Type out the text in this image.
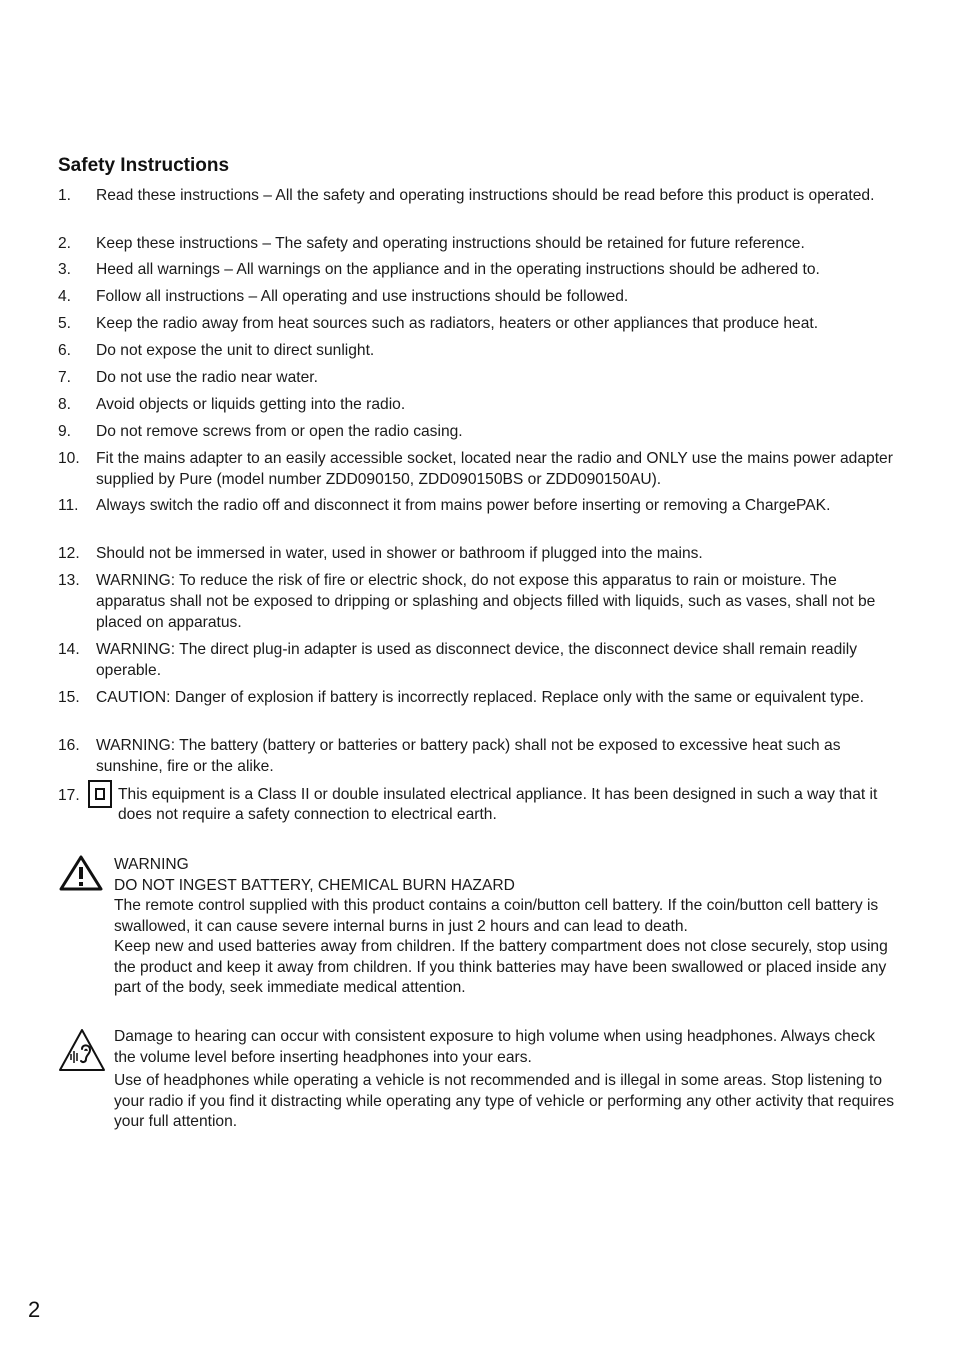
Safety Instructions
1. Read these instructions – All the safety and operating instructions should be read before this product is operated.
2. Keep these instructions – The safety and operating instructions should be retained for future reference.
3. Heed all warnings – All warnings on the appliance and in the operating instructions should be adhered to.
4. Follow all instructions – All operating and use instructions should be followed.
5. Keep the radio away from heat sources such as radiators, heaters or other appliances that produce heat.
6. Do not expose the unit to direct sunlight.
7. Do not use the radio near water.
8. Avoid objects or liquids getting into the radio.
9. Do not remove screws from or open the radio casing.
10. Fit the mains adapter to an easily accessible socket, located near the radio and ONLY use the mains power adapter supplied by Pure (model number ZDD090150, ZDD090150BS or ZDD090150AU).
11. Always switch the radio off and disconnect it from mains power before inserting or removing a ChargePAK.
12. Should not be immersed in water, used in shower or bathroom if plugged into the mains.
13. WARNING: To reduce the risk of fire or electric shock, do not expose this apparatus to rain or moisture. The apparatus shall not be exposed to dripping or splashing and objects filled with liquids, such as vases, shall not be placed on apparatus.
14. WARNING: The direct plug-in adapter is used as disconnect device, the disconnect device shall remain readily operable.
15. CAUTION: Danger of explosion if battery is incorrectly replaced. Replace only with the same or equivalent type.
16. WARNING: The battery (battery or batteries or battery pack) shall not be exposed to excessive heat such as sunshine, fire or the alike.
17. This equipment is a Class II or double insulated electrical appliance. It has been designed in such a way that it does not require a safety connection to electrical earth.

WARNING

DO NOT INGEST BATTERY, CHEMICAL BURN HAZARD

The remote control supplied with this product contains a coin/button cell battery. If the coin/button cell battery is swallowed, it can cause severe internal burns in just 2 hours and can lead to death.

Keep new and used batteries away from children. If the battery compartment does not close securely, stop using the product and keep it away from children. If you think batteries may have been swallowed or placed inside any part of the body, seek immediate medical attention.

Damage to hearing can occur with consistent exposure to high volume when using headphones. Always check the volume level before inserting headphones into your ears.

Use of headphones while operating a vehicle is not recommended and is illegal in some areas. Stop listening to your radio if you find it distracting while operating any type of vehicle or performing any other activity that requires your full attention.

2
